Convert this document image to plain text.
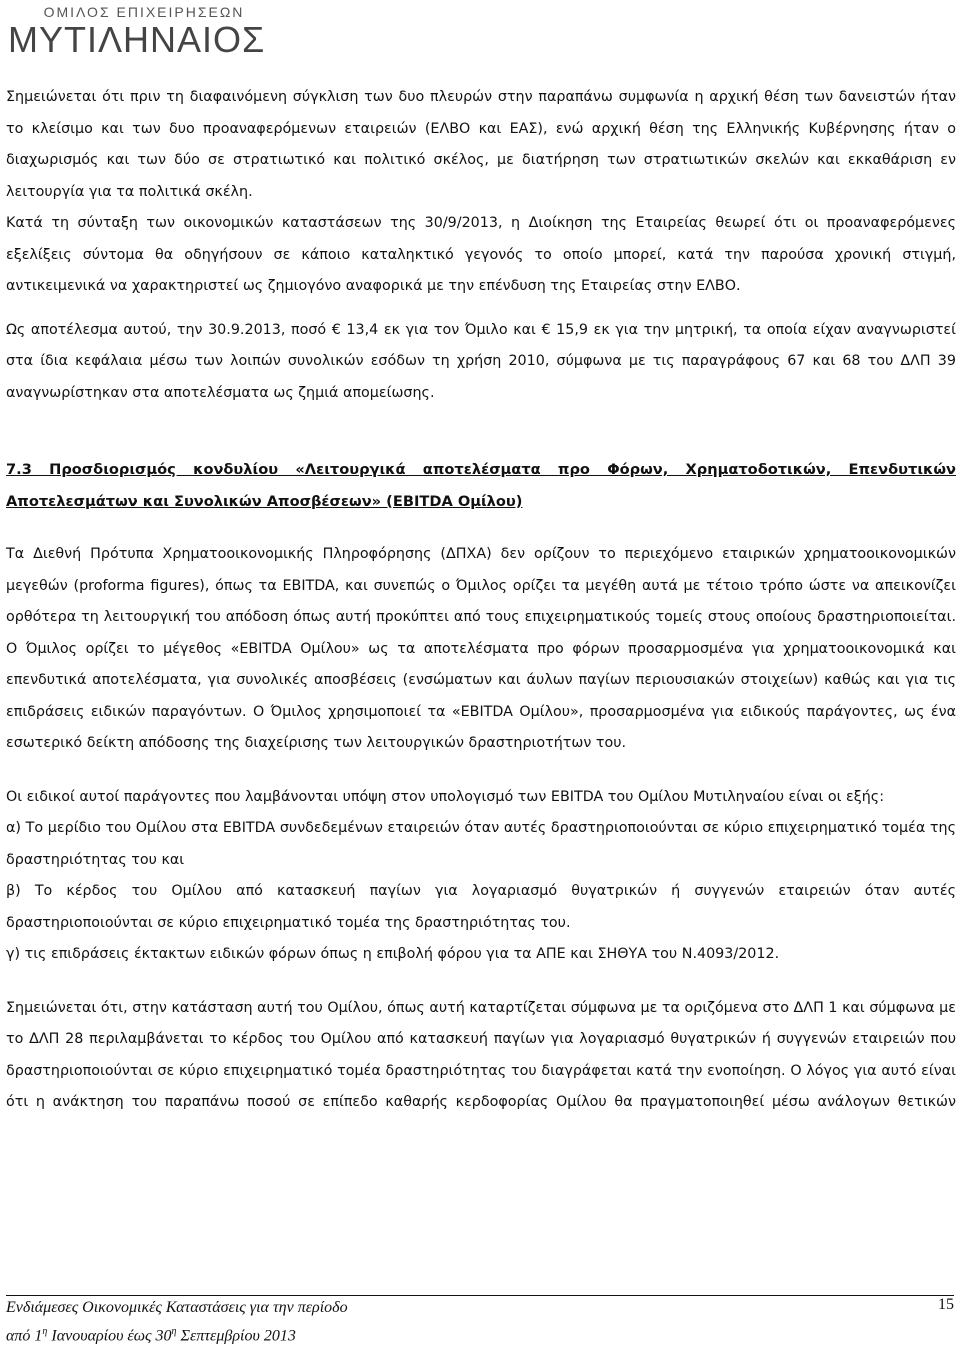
ΟΜΙΛΟΣ ΕΠΙΧΕΙΡΗΣΕΩΝ
ΜΥΤΙΛΗΝΑΙΟΣ

Σημειώνεται ότι πριν τη διαφαινόμενη σύγκλιση των δυο πλευρών στην παραπάνω συμφωνία η αρχική θέση των δανειστών ήταν το κλείσιμο και των δυο προαναφερόμενων εταιρειών (ΕΛΒΟ και ΕΑΣ), ενώ αρχική θέση της Ελληνικής Κυβέρνησης ήταν ο διαχωρισμός και των δύο σε στρατιωτικό και πολιτικό σκέλος, με διατήρηση των στρατιωτικών σκελών και εκκαθάριση εν λειτουργία για τα πολιτικά σκέλη.

Κατά τη σύνταξη των οικονομικών καταστάσεων της 30/9/2013, η Διοίκηση της Εταιρείας θεωρεί ότι οι προαναφερόμενες εξελίξεις σύντομα θα οδηγήσουν σε κάποιο καταληκτικό γεγονός το οποίο μπορεί, κατά την παρούσα χρονική στιγμή, αντικειμενικά να χαρακτηριστεί ως ζημιογόνο αναφορικά με την επένδυση της Εταιρείας στην ΕΛΒΟ.

Ως αποτέλεσμα αυτού, την 30.9.2013, ποσό € 13,4 εκ για τον Όμιλο και € 15,9 εκ για την μητρική, τα οποία είχαν αναγνωριστεί στα ίδια κεφάλαια μέσω των λοιπών συνολικών εσόδων τη χρήση 2010, σύμφωνα με τις παραγράφους 67 και 68 του ΔΛΠ 39 αναγνωρίστηκαν στα αποτελέσματα ως ζημιά απομείωσης.

7.3 Προσδιορισμός κονδυλίου «Λειτουργικά αποτελέσματα προ Φόρων, Χρηματοδοτικών, Επενδυτικών Αποτελεσμάτων και Συνολικών Αποσβέσεων» (EBITDA Ομίλου)

Τα Διεθνή Πρότυπα Χρηματοοικονομικής Πληροφόρησης (ΔΠΧΑ) δεν ορίζουν το περιεχόμενο εταιρικών χρηματοοικονομικών μεγεθών (proforma figures), όπως τα EBITDA, και συνεπώς ο Όμιλος ορίζει τα μεγέθη αυτά με τέτοιο τρόπο ώστε να απεικονίζει ορθότερα τη λειτουργική του απόδοση όπως αυτή προκύπτει από τους επιχειρηματικούς τομείς στους οποίους δραστηριοποιείται. Ο Όμιλος ορίζει το μέγεθος «EBITDA Ομίλου» ως τα αποτελέσματα προ φόρων προσαρμοσμένα για χρηματοοικονομικά και επενδυτικά αποτελέσματα, για συνολικές αποσβέσεις (ενσώματων και άυλων παγίων περιουσιακών στοιχείων) καθώς και για τις επιδράσεις ειδικών παραγόντων. Ο Όμιλος χρησιμοποιεί τα «EBITDA Ομίλου», προσαρμοσμένα για ειδικούς παράγοντες, ως ένα εσωτερικό δείκτη απόδοσης της διαχείρισης των λειτουργικών δραστηριοτήτων του.

Οι ειδικοί αυτοί παράγοντες που λαμβάνονται υπόψη στον υπολογισμό των EBITDA του Ομίλου Μυτιληναίου είναι οι εξής:

α) Το μερίδιο του Ομίλου στα EBITDA συνδεδεμένων εταιρειών όταν αυτές δραστηριοποιούνται σε κύριο επιχειρηματικό τομέα της δραστηριότητας του και

β) Το κέρδος του Ομίλου από κατασκευή παγίων για λογαριασμό θυγατρικών ή συγγενών εταιρειών όταν αυτές δραστηριοποιούνται σε κύριο επιχειρηματικό τομέα της δραστηριότητας του.

γ) τις επιδράσεις έκτακτων ειδικών φόρων όπως η επιβολή φόρου για τα ΑΠΕ και ΣΗΘΥΑ του Ν.4093/2012.

Σημειώνεται ότι, στην κατάσταση αυτή του Ομίλου, όπως αυτή καταρτίζεται σύμφωνα με τα οριζόμενα στο ΔΛΠ 1 και σύμφωνα με το ΔΛΠ 28 περιλαμβάνεται το κέρδος του Ομίλου από κατασκευή παγίων για λογαριασμό θυγατρικών ή συγγενών εταιρειών που δραστηριοποιούνται σε κύριο επιχειρηματικό τομέα δραστηριότητας του διαγράφεται κατά την ενοποίηση. Ο λόγος για αυτό είναι ότι η ανάκτηση του παραπάνω ποσού σε επίπεδο καθαρής κερδοφορίας Ομίλου θα πραγματοποιηθεί μέσω ανάλογων θετικών

Ενδιάμεσες Οικονομικές Καταστάσεις για την περίοδο
από $1^\eta$ Ιανουαρίου έως $30^\eta$ Σεπτεμβρίου 2013
15
